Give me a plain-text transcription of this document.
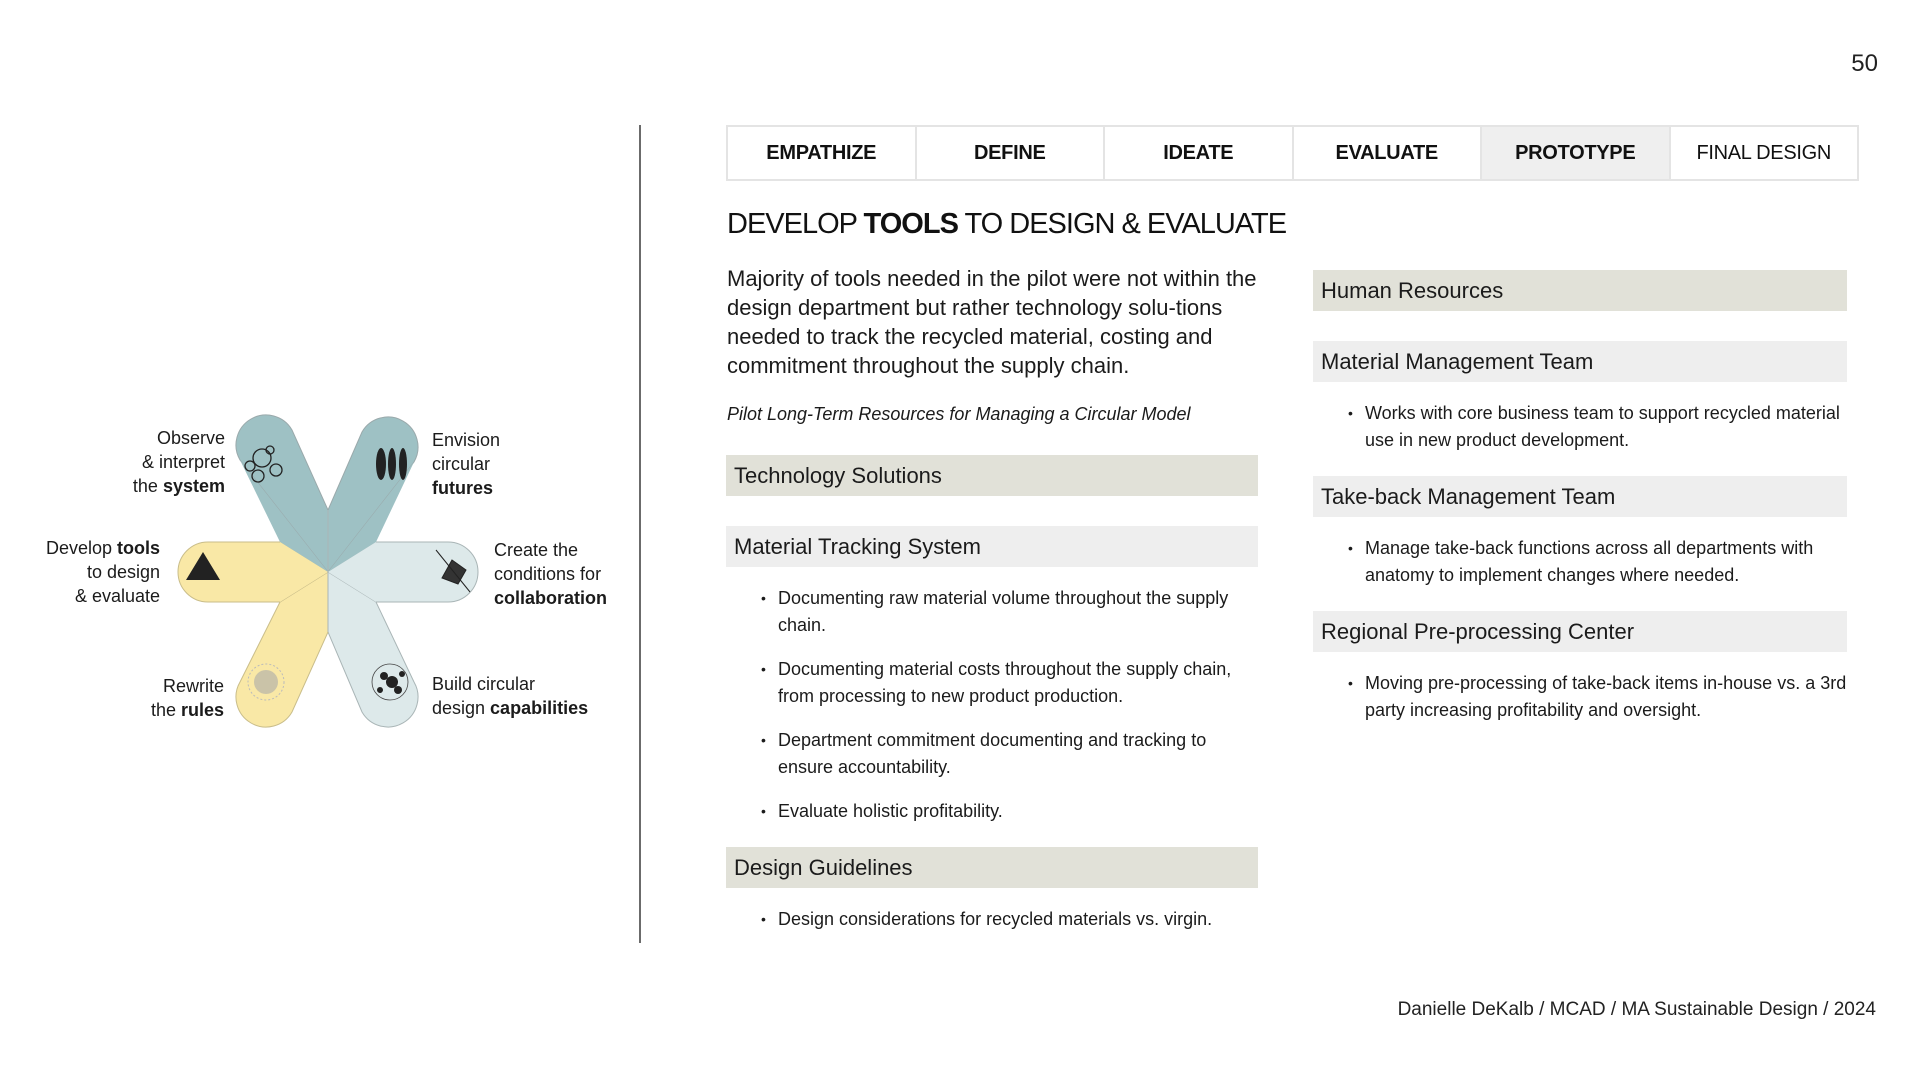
50
Observe
& interpret
the system
Envision
circular
futures
Develop tools
to design
& evaluate
Create the
conditions for
collaboration
Rewrite
the rules
Build circular
design capabilities
EMPATHIZE	DEFINE	IDEATE	EVALUATE	PROTOTYPE	FINAL DESIGN
DEVELOP TOOLS TO DESIGN & EVALUATE

Majority of tools needed in the pilot were not within the design department but rather technology solu-tions needed to track the recycled material, costing and commitment throughout the supply chain.

Pilot Long-Term Resources for Managing a Circular Model

Technology Solutions
Material Tracking System
• Documenting raw material volume throughout the supply chain.
• Documenting material costs throughout the supply chain, from processing to new product production.
• Department commitment documenting and tracking to ensure accountability.
• Evaluate holistic profitability.
Design Guidelines
• Design considerations for recycled materials vs. virgin.
Human Resources
Material Management Team
• Works with core business team to support recycled material use in new product development.
Take-back Management Team
• Manage take-back functions across all departments with anatomy to implement changes where needed.
Regional Pre-processing Center
• Moving pre-processing of take-back items in-house vs. a 3rd party increasing profitability and oversight.
Danielle DeKalb / MCAD / MA Sustainable Design / 2024
